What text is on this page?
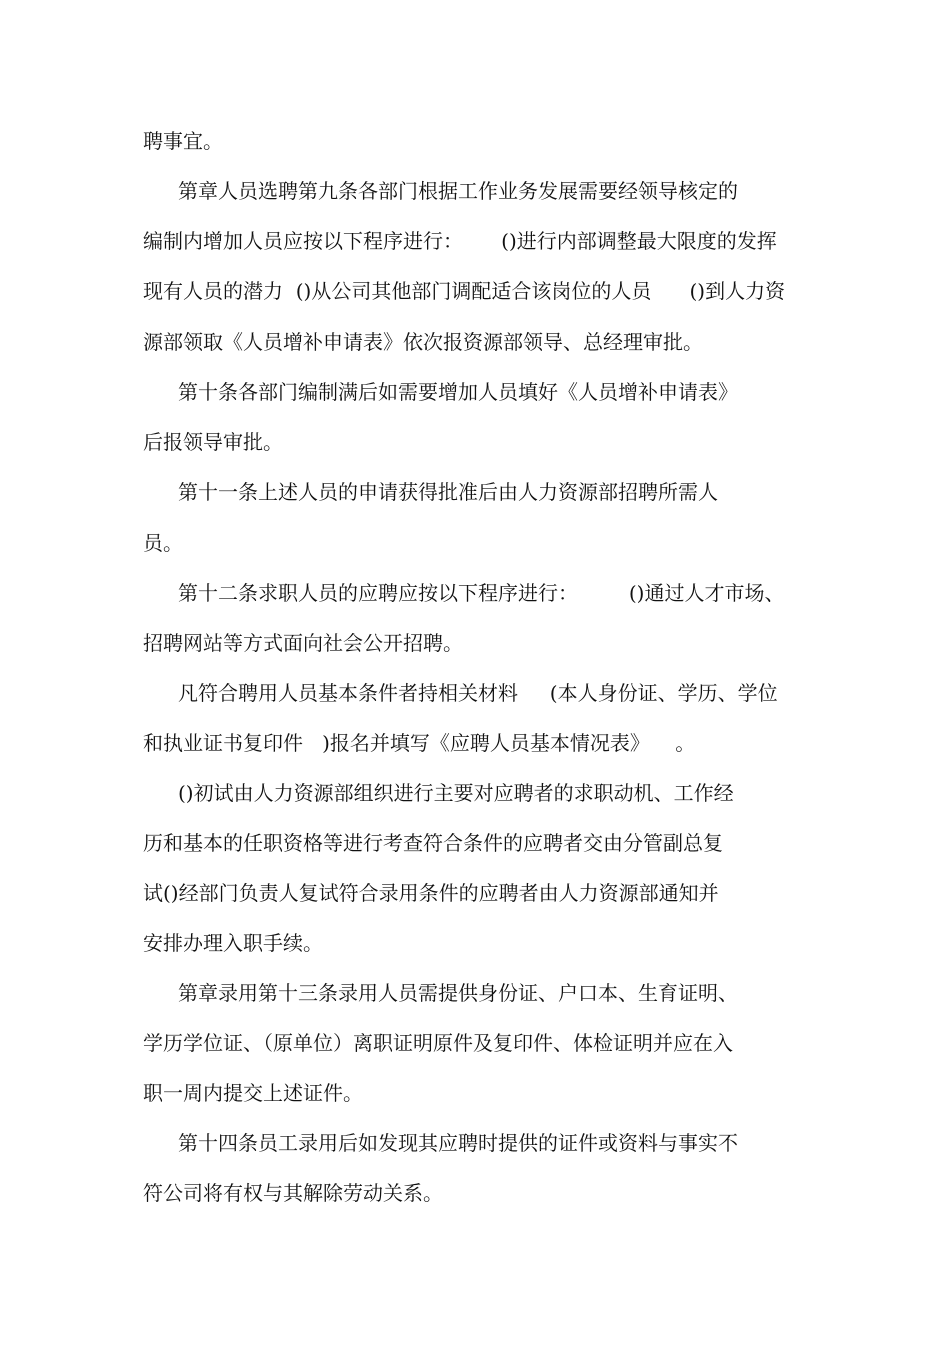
聘事宜。

第章人员选聘第九条各部门根据工作业务发展需要经领导核定的

编制内增加人员应按以下程序进行：      ()进行内部调整最大限度的发挥

现有人员的潜力  ()从公司其他部门调配适合该岗位的人员      ()到人力资

源部领取《人员增补申请表》依次报资源部领导、总经理审批。

第十条各部门编制满后如需要增加人员填好《人员增补申请表》

后报领导审批。

第十一条上述人员的申请获得批准后由人力资源部招聘所需人

员。

第十二条求职人员的应聘应按以下程序进行：        ()通过人才市场、

招聘网站等方式面向社会公开招聘。

凡符合聘用人员基本条件者持相关材料     (本人身份证、学历、学位

和执业证书复印件   )报名并填写《应聘人员基本情况表》    。

()初试由人力资源部组织进行主要对应聘者的求职动机、工作经

历和基本的任职资格等进行考查符合条件的应聘者交由分管副总复

试()经部门负责人复试符合录用条件的应聘者由人力资源部通知并

安排办理入职手续。

第章录用第十三条录用人员需提供身份证、户口本、生育证明、

学历学位证、（原单位）离职证明原件及复印件、体检证明并应在入

职一周内提交上述证件。

第十四条员工录用后如发现其应聘时提供的证件或资料与事实不

符公司将有权与其解除劳动关系。
